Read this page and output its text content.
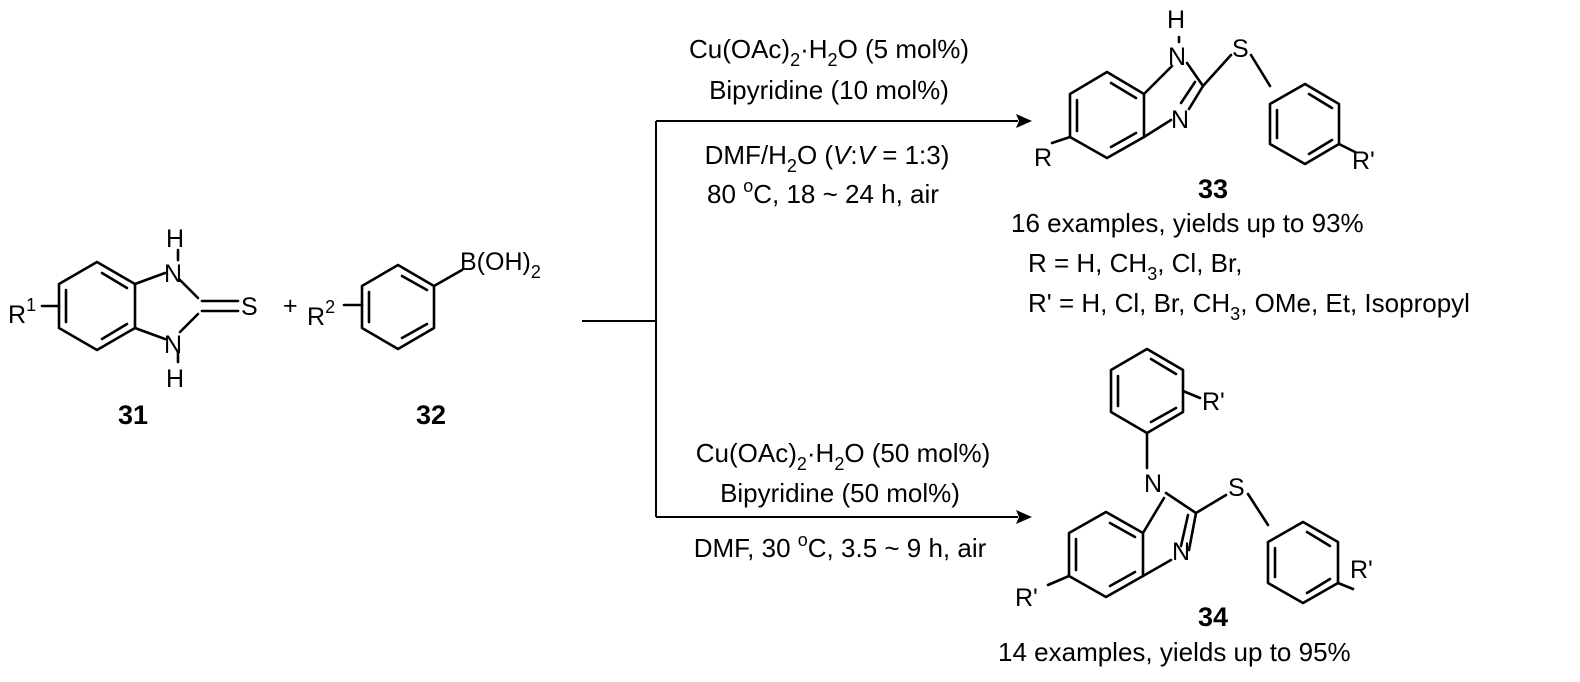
H
N
N
H
S
$R^1$
31
+ $R^2$
$B(OH)_2$
32
$Cu(OAc)_2\cdot H_2O$ (5 mol%)
Bipyridine (10 mol%)
DMF/$H_2O$ (V:V = 1:3)
80 $^o$C, 18 ~ 24 h, air
$Cu(OAc)_2\cdot H_2O$ (50 mol%)
Bipyridine (50 mol%)
DMF, 30 $^o$C, 3.5 ~ 9 h, air
H
N
N
S
R	R'
33
16 examples, yields up to 93%
R = H, $CH_3$, Cl, Br,
R' = H, Cl, Br, $CH_3$, OMe, Et, Isopropyl
N
N
S
R'
R'
R'
34
14 examples, yields up to 95%
